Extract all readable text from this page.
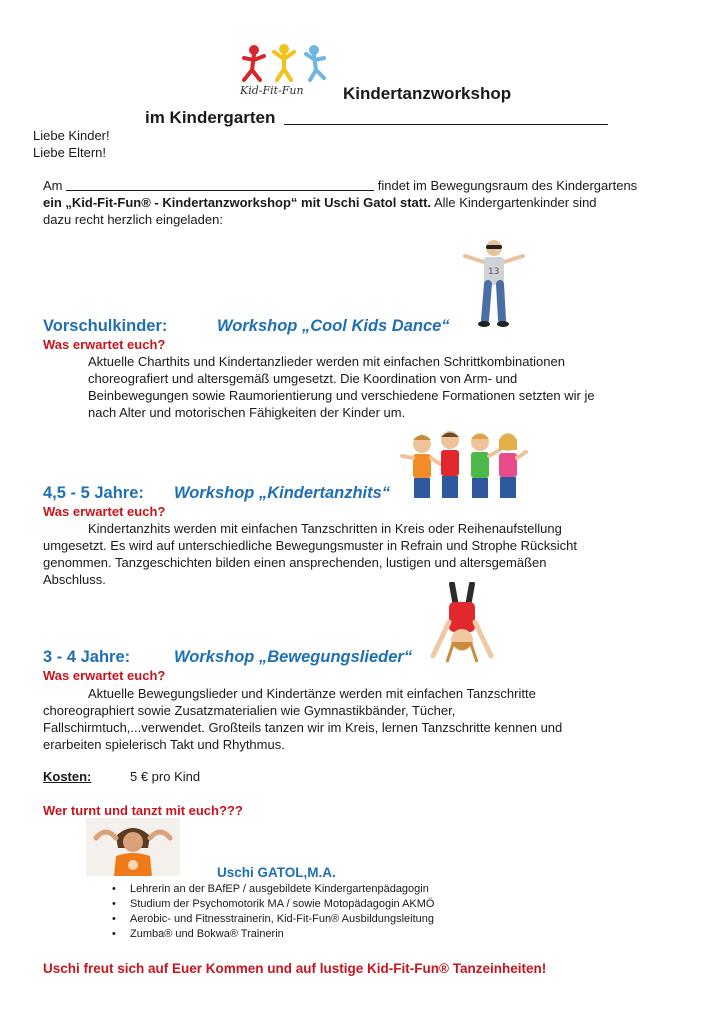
Kid-Fit-Fun Kindertanzworkshop
im Kindergarten
Liebe Kinder!
Liebe Eltern!
Am	findet im Bewegungsraum des Kindergartens
ein „Kid-Fit-Fun® - Kindertanzworkshop“ mit Uschi Gatol statt. Alle Kindergartenkinder sind
dazu recht herzlich eingeladen:
13
Vorschulkinder:	Workshop „Cool Kids Dance“
Was erwartet euch?
Aktuelle Charthits und Kindertanzlieder werden mit einfachen Schrittkombinationen
choreografiert und altersgemäß umgesetzt. Die Koordination von Arm- und
Beinbewegungen sowie Raumorientierung und verschiedene Formationen setzten wir je
nach Alter und motorischen Fähigkeiten der Kinder um.
4,5 - 5 Jahre: Workshop „Kindertanzhits“
Was erwartet euch?
Kindertanzhits werden mit einfachen Tanzschritten in Kreis oder Reihenaufstellung
umgesetzt. Es wird auf unterschiedliche Bewegungsmuster in Refrain und Strophe Rücksicht
genommen. Tanzgeschichten bilden einen ansprechenden, lustigen und altersgemäßen
Abschluss.
3 - 4 Jahre:	Workshop „Bewegungslieder“
Was erwartet euch?
Aktuelle Bewegungslieder und Kindertänze werden mit einfachen Tanzschritte
choreographiert sowie Zusatzmaterialien wie Gymnastikbänder, Tücher,
Fallschirmtuch,...verwendet. Großteils tanzen wir im Kreis, lernen Tanzschritte kennen und
erarbeiten spielerisch Takt und Rhythmus.
Kosten:	5 € pro Kind
Wer turnt und tanzt mit euch???
Uschi GATOL,M.A.
• Lehrerin an der BAfEP / ausgebildete Kindergartenpädagogin
• Studium der Psychomotorik MA / sowie Motopädagogin AKMÖ
• Aerobic- und Fitnesstrainerin, Kid-Fit-Fun® Ausbildungsleitung
• Zumba® und Bokwa® Trainerin
Uschi freut sich auf Euer Kommen und auf lustige Kid-Fit-Fun® Tanzeinheiten!
